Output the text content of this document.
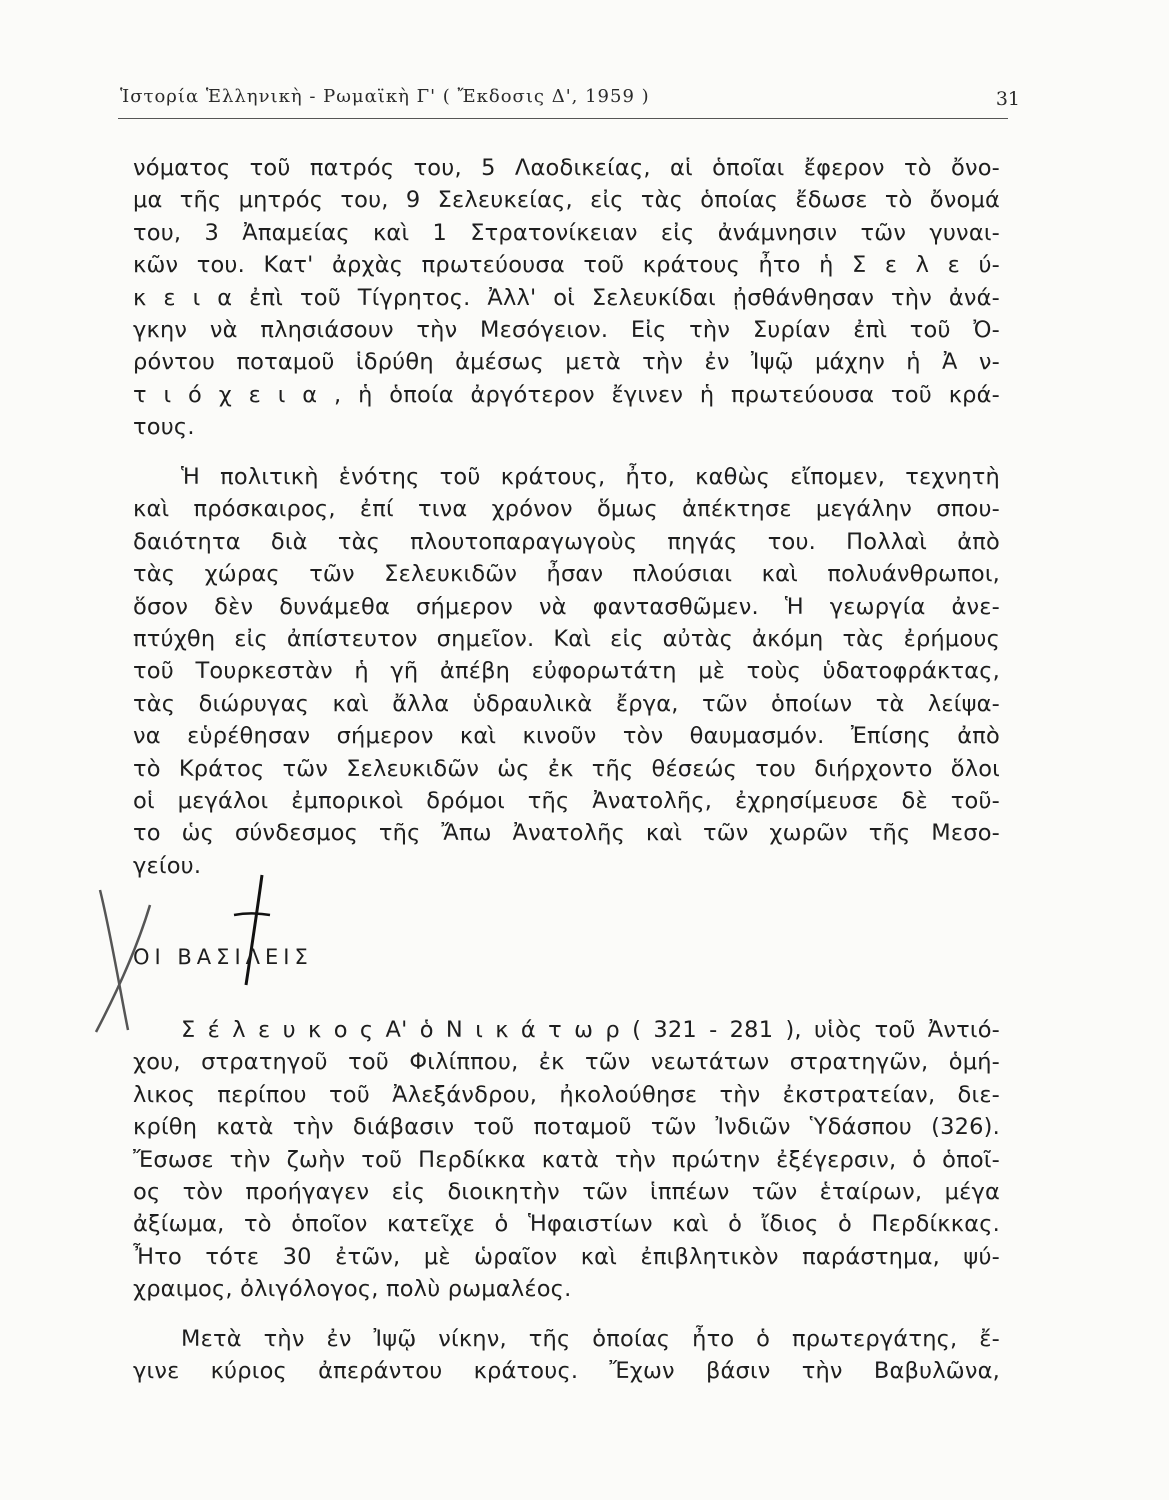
Ἱστορία Ἑλληνικὴ - Ρωμαϊκὴ Γ' ( Ἔκδοσις Δ', 1959 )	31
νόματος τοῦ πατρός του, 5 Λαοδικείας, αἱ ὁποῖαι ἔφερον τὸ ὄνο-
μα τῆς μητρός του, 9 Σελευκείας, εἰς τὰς ὁποίας ἔδωσε τὸ ὄνομά
του, 3 Ἀπαμείας καὶ 1 Στρατονίκειαν εἰς ἀνάμνησιν τῶν γυναι-
κῶν του. Κατ' ἀρχὰς πρωτεύουσα τοῦ κράτους ἦτο ἡ Σ ε λ ε ύ-
κ ε ι α ἐπὶ τοῦ Τίγρητος. Ἀλλ' οἱ Σελευκίδαι ᾐσθάνθησαν τὴν ἀνά-
γκην νὰ πλησιάσουν τὴν Μεσόγειον. Εἰς τὴν Συρίαν ἐπὶ τοῦ Ὀ-
ρόντου ποταμοῦ ἱδρύθη ἀμέσως μετὰ τὴν ἐν Ἰψῷ μάχην ἡ Ἀ ν-
τ ι ό χ ε ι α , ἡ ὁποία ἀργότερον ἔγινεν ἡ πρωτεύουσα τοῦ κρά-
τους.
Ἡ πολιτικὴ ἑνότης τοῦ κράτους, ἦτο, καθὼς εἴπομεν, τεχνητὴ
καὶ πρόσκαιρος, ἐπί τινα χρόνον ὅμως ἀπέκτησε μεγάλην σπου-
δαιότητα διὰ τὰς πλουτοπαραγωγοὺς πηγάς του. Πολλαὶ ἀπὸ
τὰς χώρας τῶν Σελευκιδῶν ἦσαν πλούσιαι καὶ πολυάνθρωποι,
ὅσον δὲν δυνάμεθα σήμερον νὰ φαντασθῶμεν. Ἡ γεωργία ἀνε-
πτύχθη εἰς ἀπίστευτον σημεῖον. Καὶ εἰς αὐτὰς ἀκόμη τὰς ἐρήμους
τοῦ Τουρκεστὰν ἡ γῆ ἀπέβη εὐφορωτάτη μὲ τοὺς ὑδατοφράκτας,
τὰς διώρυγας καὶ ἄλλα ὑδραυλικὰ ἔργα, τῶν ὁποίων τὰ λείψα-
να εὑρέθησαν σήμερον καὶ κινοῦν τὸν θαυμασμόν. Ἐπίσης ἀπὸ
τὸ Κράτος τῶν Σελευκιδῶν ὡς ἐκ τῆς θέσεώς του διήρχοντο ὅλοι
οἱ μεγάλοι ἐμπορικοὶ δρόμοι τῆς Ἀνατολῆς, ἐχρησίμευσε δὲ τοῦ-
το ὡς σύνδεσμος τῆς Ἄπω Ἀνατολῆς καὶ τῶν χωρῶν τῆς Μεσο-
γείου.
ΟΙ ΒΑΣΙΛΕΙΣ
Σ έ λ ε υ κ ο ς Α' ὁ Ν ι κ ά τ ω ρ ( 321 - 281 ), υἱὸς τοῦ Ἀντιό-
χου, στρατηγοῦ τοῦ Φιλίππου, ἐκ τῶν νεωτάτων στρατηγῶν, ὁμή-
λικος περίπου τοῦ Ἀλεξάνδρου, ἠκολούθησε τὴν ἐκστρατείαν, διε-
κρίθη κατὰ τὴν διάβασιν τοῦ ποταμοῦ τῶν Ἰνδιῶν Ὑδάσπου (326).
Ἔσωσε τὴν ζωὴν τοῦ Περδίκκα κατὰ τὴν πρώτην ἐξέγερσιν, ὁ ὁποῖ-
ος τὸν προήγαγεν εἰς διοικητὴν τῶν ἱππέων τῶν ἑταίρων, μέγα
ἀξίωμα, τὸ ὁποῖον κατεῖχε ὁ Ἡφαιστίων καὶ ὁ ἴδιος ὁ Περδίκκας.
Ἦτο τότε 30 ἐτῶν, μὲ ὡραῖον καὶ ἐπιβλητικὸν παράστημα, ψύ-
χραιμος, ὀλιγόλογος, πολὺ ρωμαλέος.
Μετὰ τὴν ἐν Ἰψῷ νίκην, τῆς ὁποίας ἦτο ὁ πρωτεργάτης, ἔ-
γινε κύριος ἀπεράντου κράτους. Ἔχων βάσιν τὴν Βαβυλῶνα,
